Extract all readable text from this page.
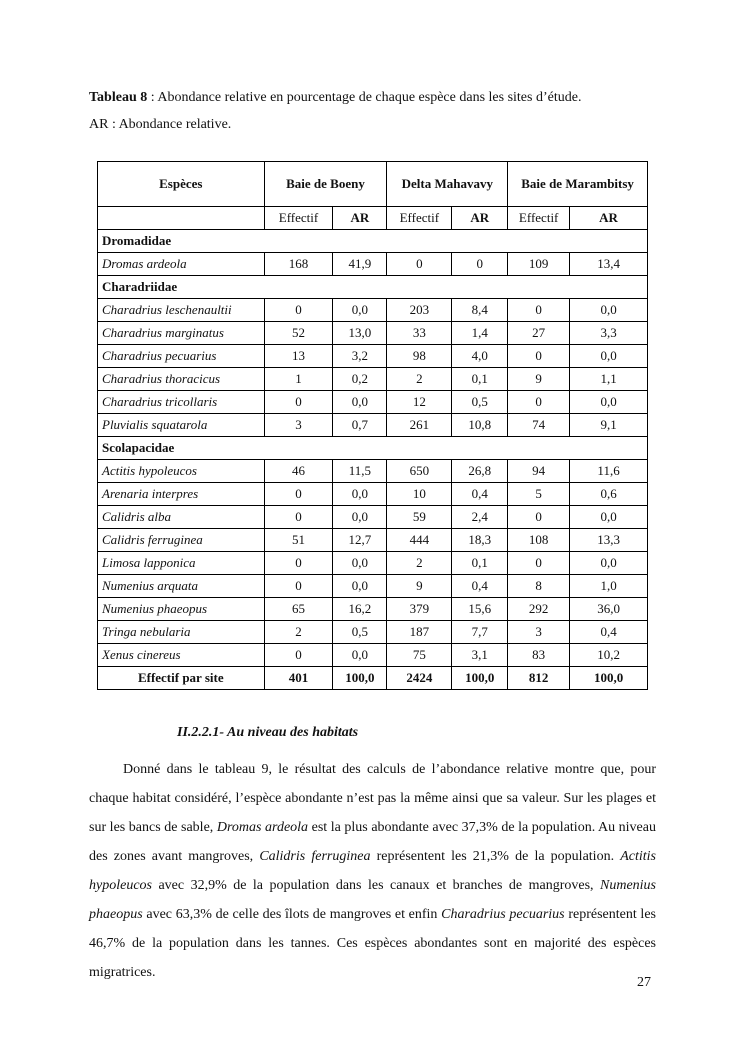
Tableau 8 : Abondance relative en pourcentage de chaque espèce dans les sites d’étude.
AR : Abondance relative.
Espèces	Baie de Boeny		Delta Mahavavy		Baie de Marambitsy	
	Effectif	AR	Effectif	AR	Effectif	AR
Dromadidae						
Dromas ardeola	168	41,9	0	0	109	13,4
Charadriidae						
Charadrius leschenaultii	0	0,0	203	8,4	0	0,0
Charadrius marginatus	52	13,0	33	1,4	27	3,3
Charadrius pecuarius	13	3,2	98	4,0	0	0,0
Charadrius thoracicus	1	0,2	2	0,1	9	1,1
Charadrius tricollaris	0	0,0	12	0,5	0	0,0
Pluvialis squatarola	3	0,7	261	10,8	74	9,1
Scolapacidae						
Actitis hypoleucos	46	11,5	650	26,8	94	11,6
Arenaria interpres	0	0,0	10	0,4	5	0,6
Calidris alba	0	0,0	59	2,4	0	0,0
Calidris ferruginea	51	12,7	444	18,3	108	13,3
Limosa lapponica	0	0,0	2	0,1	0	0,0
Numenius arquata	0	0,0	9	0,4	8	1,0
Numenius phaeopus	65	16,2	379	15,6	292	36,0
Tringa nebularia	2	0,5	187	7,7	3	0,4
Xenus cinereus	0	0,0	75	3,1	83	10,2
Effectif par site	401	100,0	2424	100,0	812	100,0
II.2.2.1- Au niveau des habitats
Donné dans le tableau 9, le résultat des calculs de l’abondance relative montre que, pour chaque habitat considéré, l’espèce abondante n’est pas la même ainsi que sa valeur. Sur les plages et sur les bancs de sable, Dromas ardeola est la plus abondante avec 37,3% de la population. Au niveau des zones avant mangroves, Calidris ferruginea représentent les 21,3% de la population. Actitis hypoleucos avec 32,9% de la population dans les canaux et branches de mangroves, Numenius phaeopus avec 63,3% de celle des îlots de mangroves et enfin Charadrius pecuarius représentent les 46,7% de la population dans les tannes. Ces espèces abondantes sont en majorité des espèces migratrices.
27
